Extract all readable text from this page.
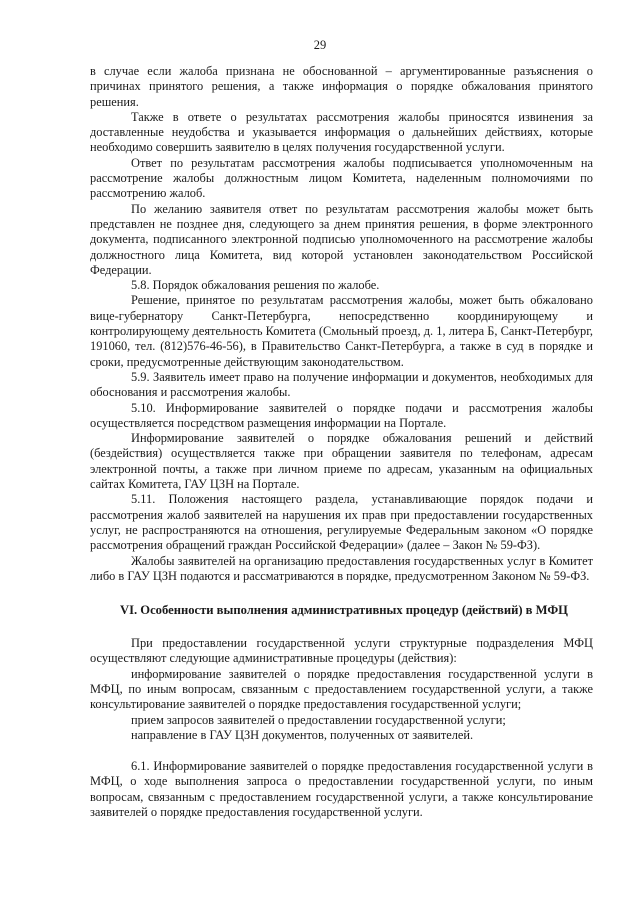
29

в случае если жалоба признана не обоснованной – аргументированные разъяснения о причинах принятого решения, а также информация о порядке обжалования принятого решения.

Также в ответе о результатах рассмотрения жалобы приносятся извинения за доставленные неудобства и указывается информация о дальнейших действиях, которые необходимо совершить заявителю в целях получения государственной услуги.

Ответ по результатам рассмотрения жалобы подписывается уполномоченным на рассмотрение жалобы должностным лицом Комитета, наделенным полномочиями по рассмотрению жалоб.

По желанию заявителя ответ по результатам рассмотрения жалобы может быть представлен не позднее дня, следующего за днем принятия решения, в форме электронного документа, подписанного электронной подписью уполномоченного на рассмотрение жалобы должностного лица Комитета, вид которой установлен законодательством Российской Федерации.

5.8. Порядок обжалования решения по жалобе.

Решение, принятое по результатам рассмотрения жалобы, может быть обжаловано вице-губернатору Санкт-Петербурга, непосредственно координирующему и контролирующему деятельность Комитета (Смольный проезд, д. 1, литера Б, Санкт-Петербург, 191060, тел. (812)576-46-56), в Правительство Санкт-Петербурга, а также в суд в порядке и сроки, предусмотренные действующим законодательством.

5.9. Заявитель имеет право на получение информации и документов, необходимых для обоснования и рассмотрения жалобы.

5.10. Информирование заявителей о порядке подачи и рассмотрения жалобы осуществляется посредством размещения информации на Портале.

Информирование заявителей о порядке обжалования решений и действий (бездействия) осуществляется также при обращении заявителя по телефонам, адресам электронной почты, а также при личном приеме по адресам, указанным на официальных сайтах Комитета, ГАУ ЦЗН на Портале.

5.11. Положения настоящего раздела, устанавливающие порядок подачи и рассмотрения жалоб заявителей на нарушения их прав при предоставлении государственных услуг, не распространяются на отношения, регулируемые Федеральным законом «О порядке рассмотрения обращений граждан Российской Федерации» (далее – Закон № 59-ФЗ).

Жалобы заявителей на организацию предоставления государственных услуг в Комитет либо в ГАУ ЦЗН подаются и рассматриваются в порядке, предусмотренном Законом № 59-ФЗ.

VI. Особенности выполнения административных процедур (действий) в МФЦ

При предоставлении государственной услуги структурные подразделения МФЦ осуществляют следующие административные процедуры (действия):

информирование заявителей о порядке предоставления государственной услуги в МФЦ, по иным вопросам, связанным с предоставлением государственной услуги, а также консультирование заявителей о порядке предоставления государственной услуги;

прием запросов заявителей о предоставлении государственной услуги;

направление в ГАУ ЦЗН документов, полученных от заявителей.

6.1. Информирование заявителей о порядке предоставления государственной услуги в МФЦ, о ходе выполнения запроса о предоставлении государственной услуги, по иным вопросам, связанным с предоставлением государственной услуги, а также консультирование заявителей о порядке предоставления государственной услуги.
